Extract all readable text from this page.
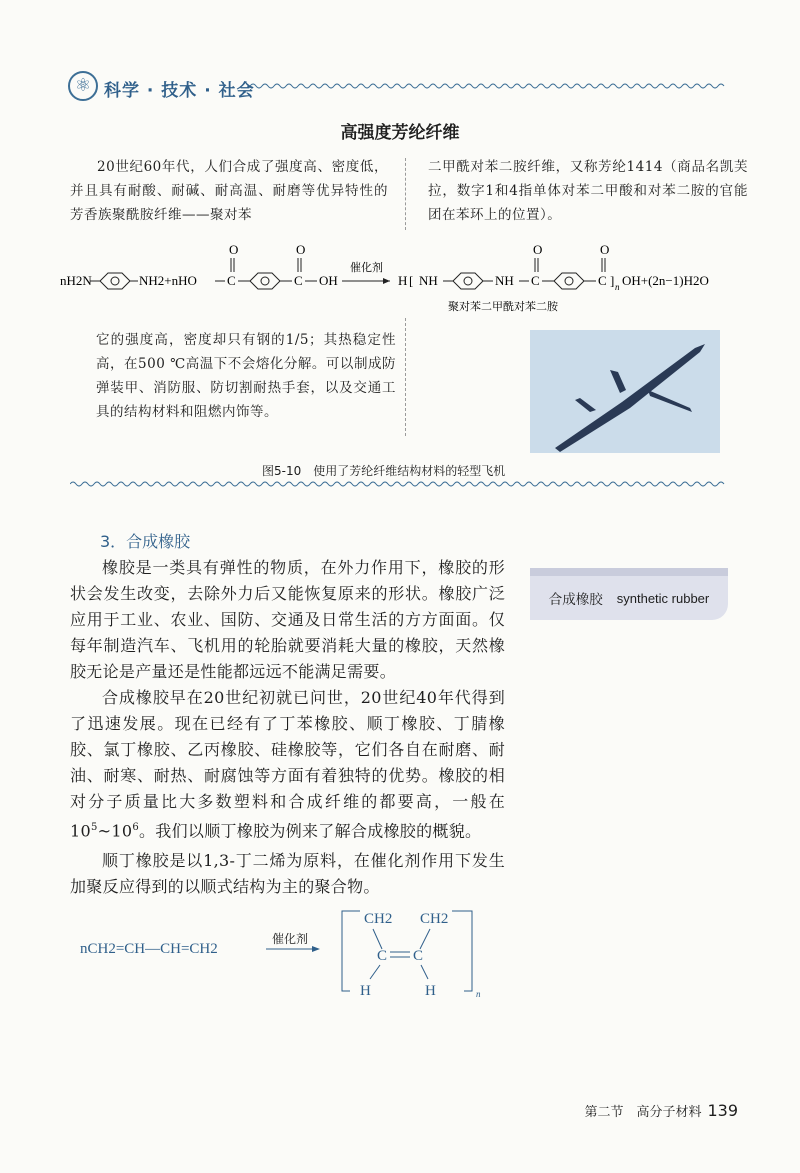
⚛ 科学 · 技术 · 社会
高强度芳纶纤维
20世纪60年代，人们合成了强度高、密度低，并且具有耐酸、耐碱、耐高温、耐磨等优异特性的芳香族聚酰胺纤维——聚对苯
二甲酰对苯二胺纤维，又称芳纶1414（商品名凯芙拉，数字1和4指单体对苯二甲酸和对苯二胺的官能团在苯环上的位置）。
nH2N	NH2+nHO C
O
C
O
OH
催化剂
H [ NH	NH C
O
C
O
] n OH+(2n−1)H2O
聚对苯二甲酰对苯二胺
它的强度高，密度却只有钢的1/5；其热稳定性高，在500 ℃高温下不会熔化分解。可以制成防弹装甲、消防服、防切割耐热手套，以及交通工具的结构材料和阻燃内饰等。
图5-10　使用了芳纶纤维结构材料的轻型飞机
3．合成橡胶
橡胶是一类具有弹性的物质，在外力作用下，橡胶的形状会发生改变，去除外力后又能恢复原来的形状。橡胶广泛应用于工业、农业、国防、交通及日常生活的方方面面。仅每年制造汽车、飞机用的轮胎就要消耗大量的橡胶，天然橡胶无论是产量还是性能都远远不能满足需要。
合成橡胶 synthetic rubber
合成橡胶早在20世纪初就已问世，20世纪40年代得到了迅速发展。现在已经有了丁苯橡胶、顺丁橡胶、丁腈橡胶、氯丁橡胶、乙丙橡胶、硅橡胶等，它们各自在耐磨、耐油、耐寒、耐热、耐腐蚀等方面有着独特的优势。橡胶的相对分子质量比大多数塑料和合成纤维的都要高，一般在$10^5\sim 10^6$。我们以顺丁橡胶为例来了解合成橡胶的概貌。
顺丁橡胶是以1,3-丁二烯为原料，在催化剂作用下发生加聚反应得到的以顺式结构为主的聚合物。
nCH2=CH—CH=CH2
催化剂
CH2 CH2
C C
H	H	n
第二节　高分子材料 139
